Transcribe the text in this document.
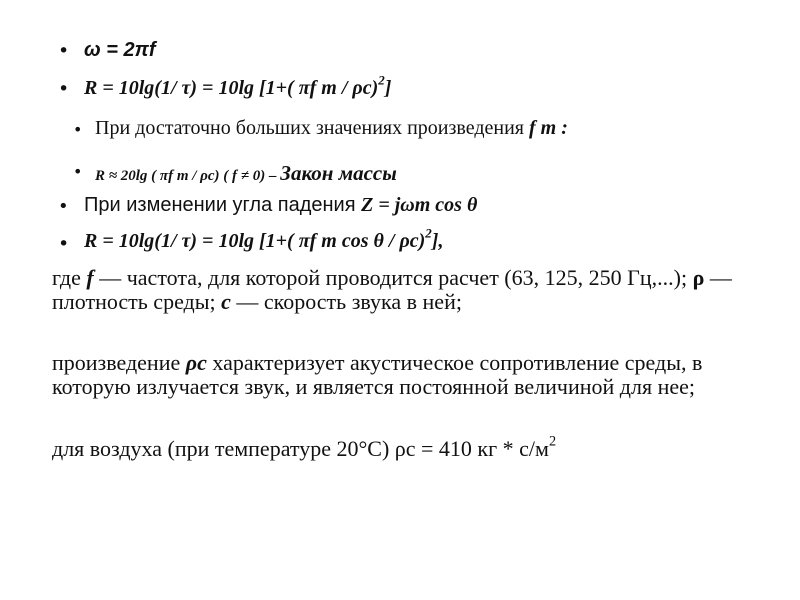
• ω = 2πf
• R = 10lg(1/ τ) = 10lg [1+( πf m / ρc)$^2$]
• При достаточно больших значениях произведения f m :
• R ≈ 20lg ( πf m / ρc) ( f ≠ 0) – Закон массы
• При изменении угла падения Z = jωm cos θ
• R = 10lg(1/ τ) = 10lg [1+( πf m cos θ / ρc)$^2$],
где f — частота, для которой проводится расчет (63, 125, 250 Гц,...); ρ — плотность среды; с — скорость звука в ней;
произведение ρс характеризует акустическое сопротивление среды, в которую излучается звук, и является постоянной величиной для нее;
для воздуха (при температуре 20°С) ρс = 410 кг * $с/м^2$
